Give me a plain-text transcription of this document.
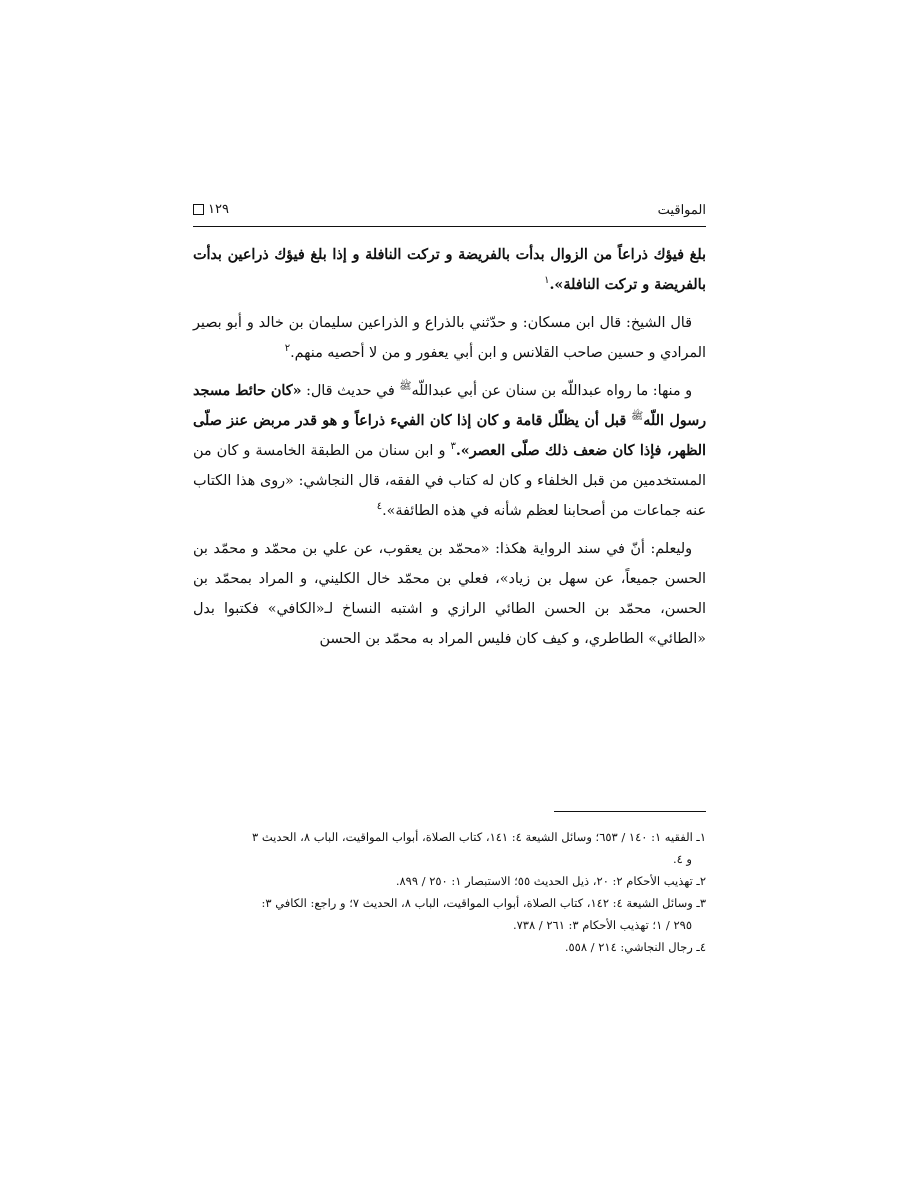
المواقيت
١٢٩

بلغ فيؤك ذراعاً من الزوال بدأت بالفريضة و تركت النافلة و إذا بلغ فيؤك ذراعين بدأت بالفريضة و تركت النافلة».$^١$

قال الشيخ: قال ابن مسكان: و حدّثني بالذراع و الذراعين سليمان بن خالد و أبو بصير المرادي و حسين صاحب القلانس و ابن أبي يعفور و من لا أحصيه منهم.$^٢$

و منها: ما رواه عبداللّه بن سنان عن أبي عبداللّه$^ﷺ$ في حديث قال: «كان حائط مسجد رسول اللّه$^ﷺ$ قبل أن يظلّل قامة و كان إذا كان الفيء ذراعاً و هو قدر مربض عنز صلّى الظهر، فإذا كان ضعف ذلك صلّى العصر».$^٣$ و ابن سنان من الطبقة الخامسة و كان من المستخدمين من قبل الخلفاء و كان له كتاب في الفقه، قال النجاشي: «روى هذا الكتاب عنه جماعات من أصحابنا لعظم شأنه في هذه الطائفة».$^٤$

وليعلم: أنّ في سند الرواية هكذا: «محمّد بن يعقوب، عن علي بن محمّد و محمّد بن الحسن جميعاً، عن سهل بن زياد»، فعلي بن محمّد خال الكليني، و المراد بمحمّد بن الحسن، محمّد بن الحسن الطائي الرازي و اشتبه النساخ لـ«الكافي» فكتبوا بدل «الطائي» الطاطري، و كيف كان فليس المراد به محمّد بن الحسن

١ـ الفقيه ١: ١٤٠ / ٦٥٣؛ وسائل الشيعة ٤: ١٤١، كتاب الصلاة، أبواب المواقيت، الباب ٨، الحديث ٣

و ٤.

٢ـ تهذيب الأحكام ٢: ٢٠، ذيل الحديث ٥٥؛ الاستبصار ١: ٢٥٠ / ٨٩٩.

٣ـ وسائل الشيعة ٤: ١٤٢، كتاب الصلاة، أبواب المواقيت، الباب ٨، الحديث ٧؛ و راجع: الكافي ٣:

٢٩٥ / ١؛ تهذيب الأحكام ٣: ٢٦١ / ٧٣٨.

٤ـ رجال النجاشي: ٢١٤ / ٥٥٨.
